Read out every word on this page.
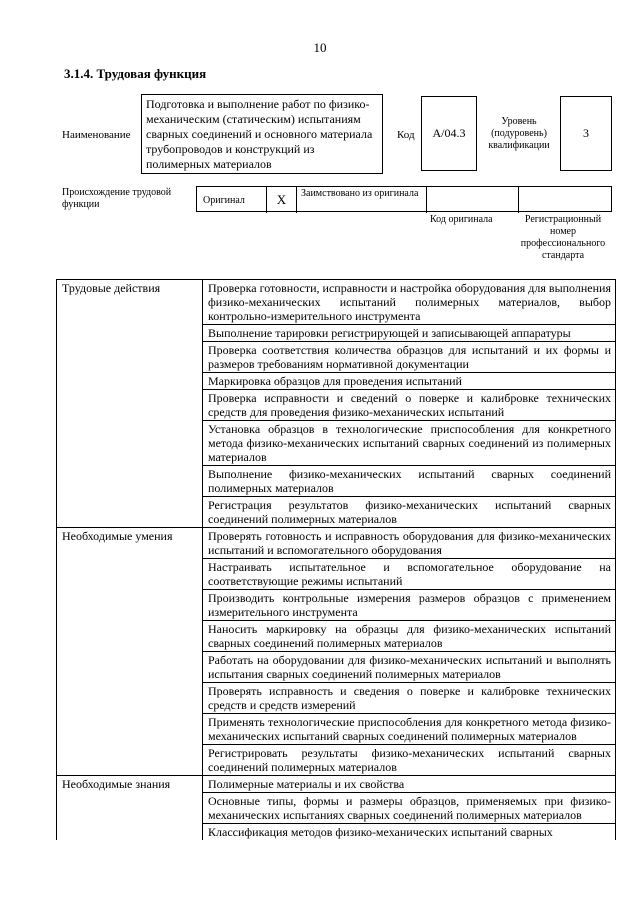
10
3.1.4. Трудовая функция
Наименование
Подготовка и выполнение работ по физико-механическим (статическим) испытаниям сварных соединений и основного материала трубопроводов и конструкций из полимерных материалов
Код A/04.3
Уровень (подуровень) квалификации
3
Происхождение трудовой функции	Оригинал	X	Заимствовано из оригинала
Код оригинала	Регистрационный номер профессионального стандарта
Трудовые действия	Проверка готовности, исправности и настройка оборудования для выполнения физико-механических испытаний полимерных материалов, выбор контрольно-измерительного инструмента
	Выполнение тарировки регистрирующей и записывающей аппаратуры
	Проверка соответствия количества образцов для испытаний и их формы и размеров требованиям нормативной документации
	Маркировка образцов для проведения испытаний
	Проверка исправности и сведений о поверке и калибровке технических средств для проведения физико-механических испытаний
	Установка образцов в технологические приспособления для конкретного метода физико-механических испытаний сварных соединений из полимерных материалов
	Выполнение физико-механических испытаний сварных соединений полимерных материалов
	Регистрация результатов физико-механических испытаний сварных соединений полимерных материалов
Необходимые умения	Проверять готовность и исправность оборудования для физико-механических испытаний и вспомогательного оборудования
	Настраивать испытательное и вспомогательное оборудование на соответствующие режимы испытаний
	Производить контрольные измерения размеров образцов с применением измерительного инструмента
	Наносить маркировку на образцы для физико-механических испытаний сварных соединений полимерных материалов
	Работать на оборудовании для физико-механических испытаний и выполнять испытания сварных соединений полимерных материалов
	Проверять исправность и сведения о поверке и калибровке технических средств и средств измерений
	Применять технологические приспособления для конкретного метода физико-механических испытаний сварных соединений полимерных материалов
	Регистрировать результаты физико-механических испытаний сварных соединений полимерных материалов
Необходимые знания	Полимерные материалы и их свойства
	Основные типы, формы и размеры образцов, применяемых при физико-механических испытаниях сварных соединений полимерных материалов
	Классификация методов физико-механических испытаний сварных
